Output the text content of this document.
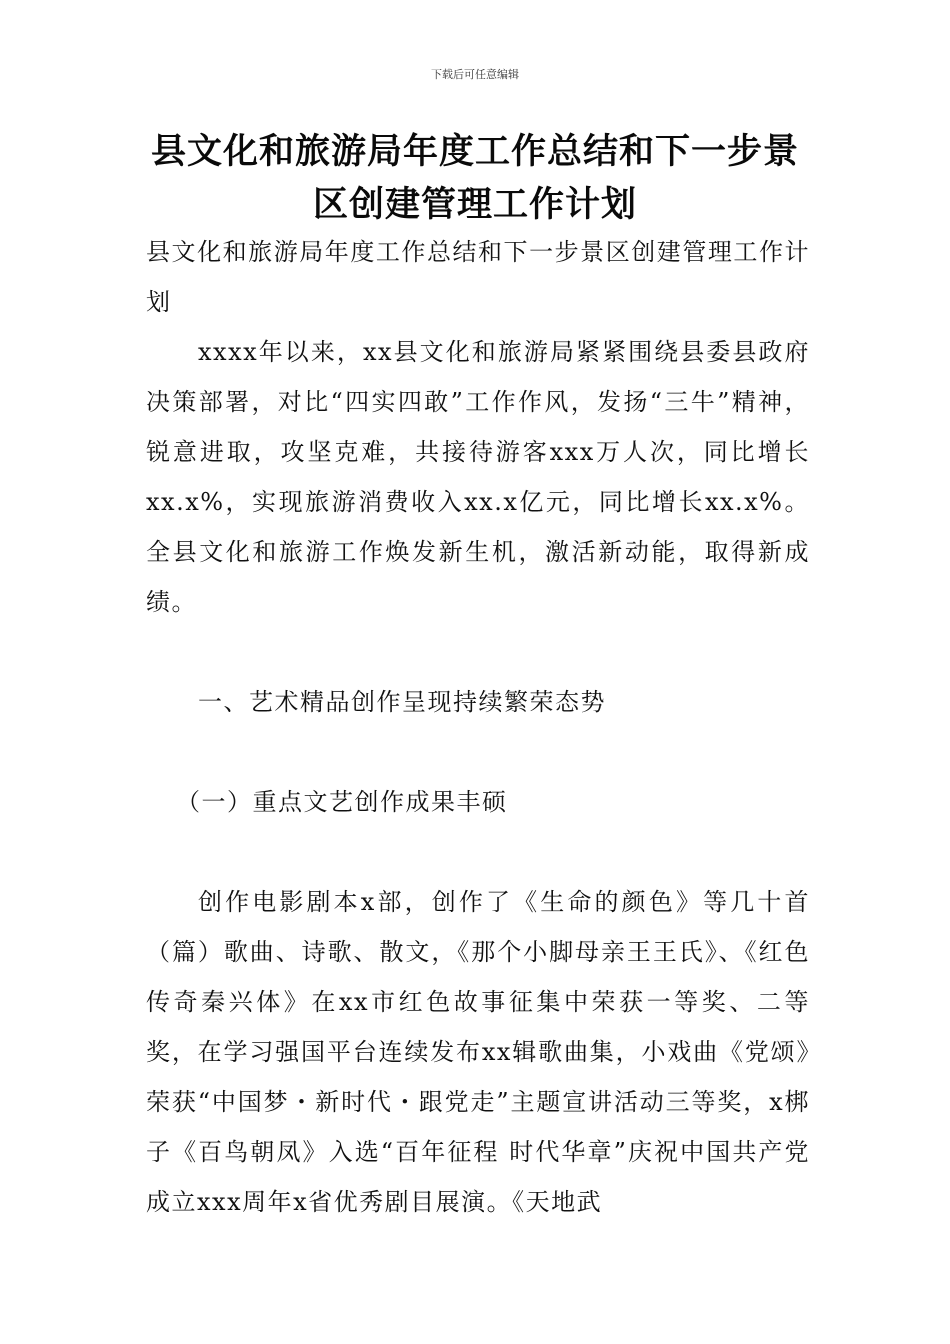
下载后可任意编辑
县文化和旅游局年度工作总结和下一步景区创建管理工作计划

县文化和旅游局年度工作总结和下一步景区创建管理工作计划

xxxx年以来，xx县文化和旅游局紧紧围绕县委县政府决策部署，对比“四实四敢”工作作风，发扬“三牛”精神，锐意进取，攻坚克难，共接待游客xxx万人次，同比增长xx.x%，实现旅游消费收入xx.x亿元，同比增长xx.x%。全县文化和旅游工作焕发新生机，激活新动能，取得新成绩。

一、艺术精品创作呈现持续繁荣态势

（一）重点文艺创作成果丰硕

创作电影剧本x部，创作了《生命的颜色》等几十首（篇）歌曲、诗歌、散文，《那个小脚母亲王王氏》、《红色传奇秦兴体》在xx市红色故事征集中荣获一等奖、二等奖，在学习强国平台连续发布xx辑歌曲集，小戏曲《党颂》荣获“中国梦・新时代・跟党走”主题宣讲活动三等奖，x梆子《百鸟朝凤》入选“百年征程 时代华章”庆祝中国共产党成立xxx周年x省优秀剧目展演。《天地武
